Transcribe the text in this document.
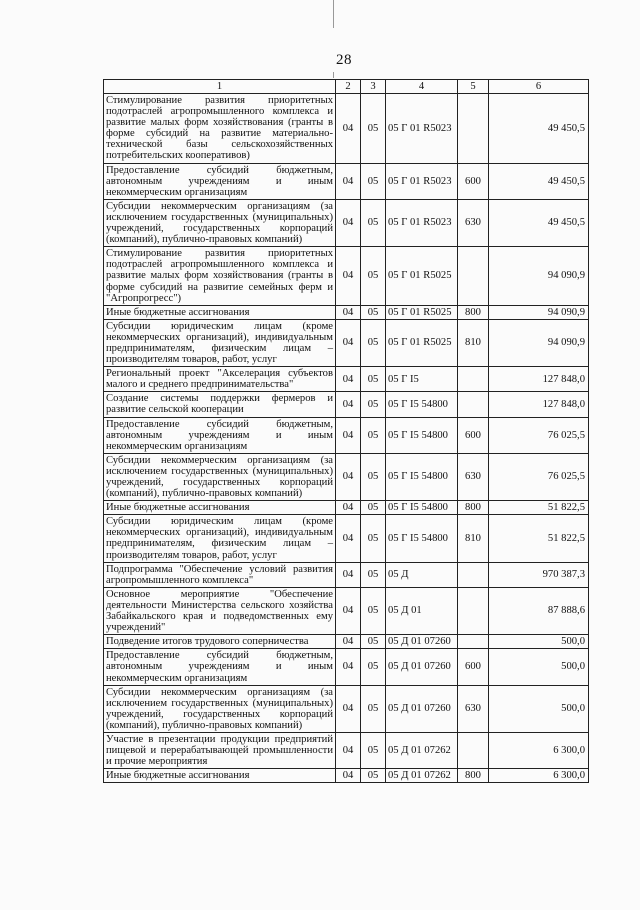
28
1	2	3	4	5	6
Стимулирование развития приоритетных подотраслей агропромышленного комплекса и развитие малых форм хозяйствования (гранты в форме субсидий на развитие материально-технической базы сельскохозяйственных потребительских кооперативов)	04	05	05 Г 01 R5023		49 450,5
Предоставление субсидий бюджетным, автономным учреждениям и иным некоммерческим организациям	04	05	05 Г 01 R5023	600	49 450,5
Субсидии некоммерческим организациям (за исключением государственных (муниципальных) учреждений, государственных корпораций (компаний), публично-правовых компаний)	04	05	05 Г 01 R5023	630	49 450,5
Стимулирование развития приоритетных подотраслей агропромышленного комплекса и развитие малых форм хозяйствования (гранты в форме субсидий на развитие семейных ферм и "Агропрогресс")	04	05	05 Г 01 R5025		94 090,9
Иные бюджетные ассигнования	04	05	05 Г 01 R5025	800	94 090,9
Субсидии юридическим лицам (кроме некоммерческих организаций), индивидуальным предпринимателям, физическим лицам – производителям товаров, работ, услуг	04	05	05 Г 01 R5025	810	94 090,9
Региональный проект "Акселерация субъектов малого и среднего предпринимательства"	04	05	05 Г I5		127 848,0
Создание системы поддержки фермеров и развитие сельской кооперации	04	05	05 Г I5 54800		127 848,0
Предоставление субсидий бюджетным, автономным учреждениям и иным некоммерческим организациям	04	05	05 Г I5 54800	600	76 025,5
Субсидии некоммерческим организациям (за исключением государственных (муниципальных) учреждений, государственных корпораций (компаний), публично-правовых компаний)	04	05	05 Г I5 54800	630	76 025,5
Иные бюджетные ассигнования	04	05	05 Г I5 54800	800	51 822,5
Субсидии юридическим лицам (кроме некоммерческих организаций), индивидуальным предпринимателям, физическим лицам – производителям товаров, работ, услуг	04	05	05 Г I5 54800	810	51 822,5
Подпрограмма "Обеспечение условий развития агропромышленного комплекса"	04	05	05 Д		970 387,3
Основное мероприятие "Обеспечение деятельности Министерства сельского хозяйства Забайкальского края и подведомственных ему учреждений"	04	05	05 Д 01		87 888,6
Подведение итогов трудового соперничества	04	05	05 Д 01 07260		500,0
Предоставление субсидий бюджетным, автономным учреждениям и иным некоммерческим организациям	04	05	05 Д 01 07260	600	500,0
Субсидии некоммерческим организациям (за исключением государственных (муниципальных) учреждений, государственных корпораций (компаний), публично-правовых компаний)	04	05	05 Д 01 07260	630	500,0
Участие в презентации продукции предприятий пищевой и перерабатывающей промышленности и прочие мероприятия	04	05	05 Д 01 07262		6 300,0
Иные бюджетные ассигнования	04	05	05 Д 01 07262	800	6 300,0
